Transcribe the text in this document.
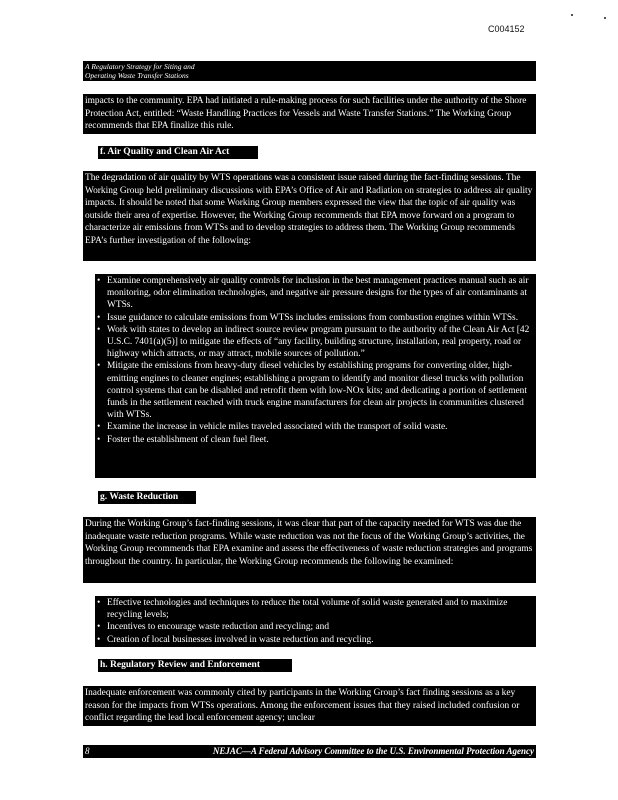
C004152
A Regulatory Strategy for Siting and
Operating Waste Transfer Stations
impacts to the community. EPA had initiated a rule-making process for such facilities under the authority of the Shore Protection Act, entitled: “Waste Handling Practices for Vessels and Waste Transfer Stations.” The Working Group recommends that EPA finalize this rule.
f. Air Quality and Clean Air Act
The degradation of air quality by WTS operations was a consistent issue raised during the fact-finding sessions. The Working Group held preliminary discussions with EPA’s Office of Air and Radiation on strategies to address air quality impacts. It should be noted that some Working Group members expressed the view that the topic of air quality was outside their area of expertise. However, the Working Group recommends that EPA move forward on a program to characterize air emissions from WTSs and to develop strategies to address them. The Working Group recommends EPA’s further investigation of the following:
• Examine comprehensively air quality controls for inclusion in the best management practices manual such as air monitoring, odor elimination technologies, and negative air pressure designs for the types of air contaminants at WTSs.
• Issue guidance to calculate emissions from WTSs includes emissions from combustion engines within WTSs.
• Work with states to develop an indirect source review program pursuant to the authority of the Clean Air Act [42 U.S.C. 7401(a)(5)] to mitigate the effects of “any facility, building structure, installation, real property, road or highway which attracts, or may attract, mobile sources of pollution.”
• Mitigate the emissions from heavy-duty diesel vehicles by establishing programs for converting older, high-emitting engines to cleaner engines; establishing a program to identify and monitor diesel trucks with pollution control systems that can be disabled and retrofit them with low-NOx kits; and dedicating a portion of settlement funds in the settlement reached with truck engine manufacturers for clean air projects in communities clustered with WTSs.
• Examine the increase in vehicle miles traveled associated with the transport of solid waste.
• Foster the establishment of clean fuel fleet.
g. Waste Reduction
During the Working Group’s fact-finding sessions, it was clear that part of the capacity needed for WTS was due the inadequate waste reduction programs. While waste reduction was not the focus of the Working Group’s activities, the Working Group recommends that EPA examine and assess the effectiveness of waste reduction strategies and programs throughout the country. In particular, the Working Group recommends the following be examined:
• Effective technologies and techniques to reduce the total volume of solid waste generated and to maximize recycling levels;
• Incentives to encourage waste reduction and recycling; and
• Creation of local businesses involved in waste reduction and recycling.
h. Regulatory Review and Enforcement
Inadequate enforcement was commonly cited by participants in the Working Group’s fact finding sessions as a key reason for the impacts from WTSs operations. Among the enforcement issues that they raised included confusion or conflict regarding the lead local enforcement agency; unclear
8	NEJAC—A Federal Advisory Committee to the U.S. Environmental Protection Agency
